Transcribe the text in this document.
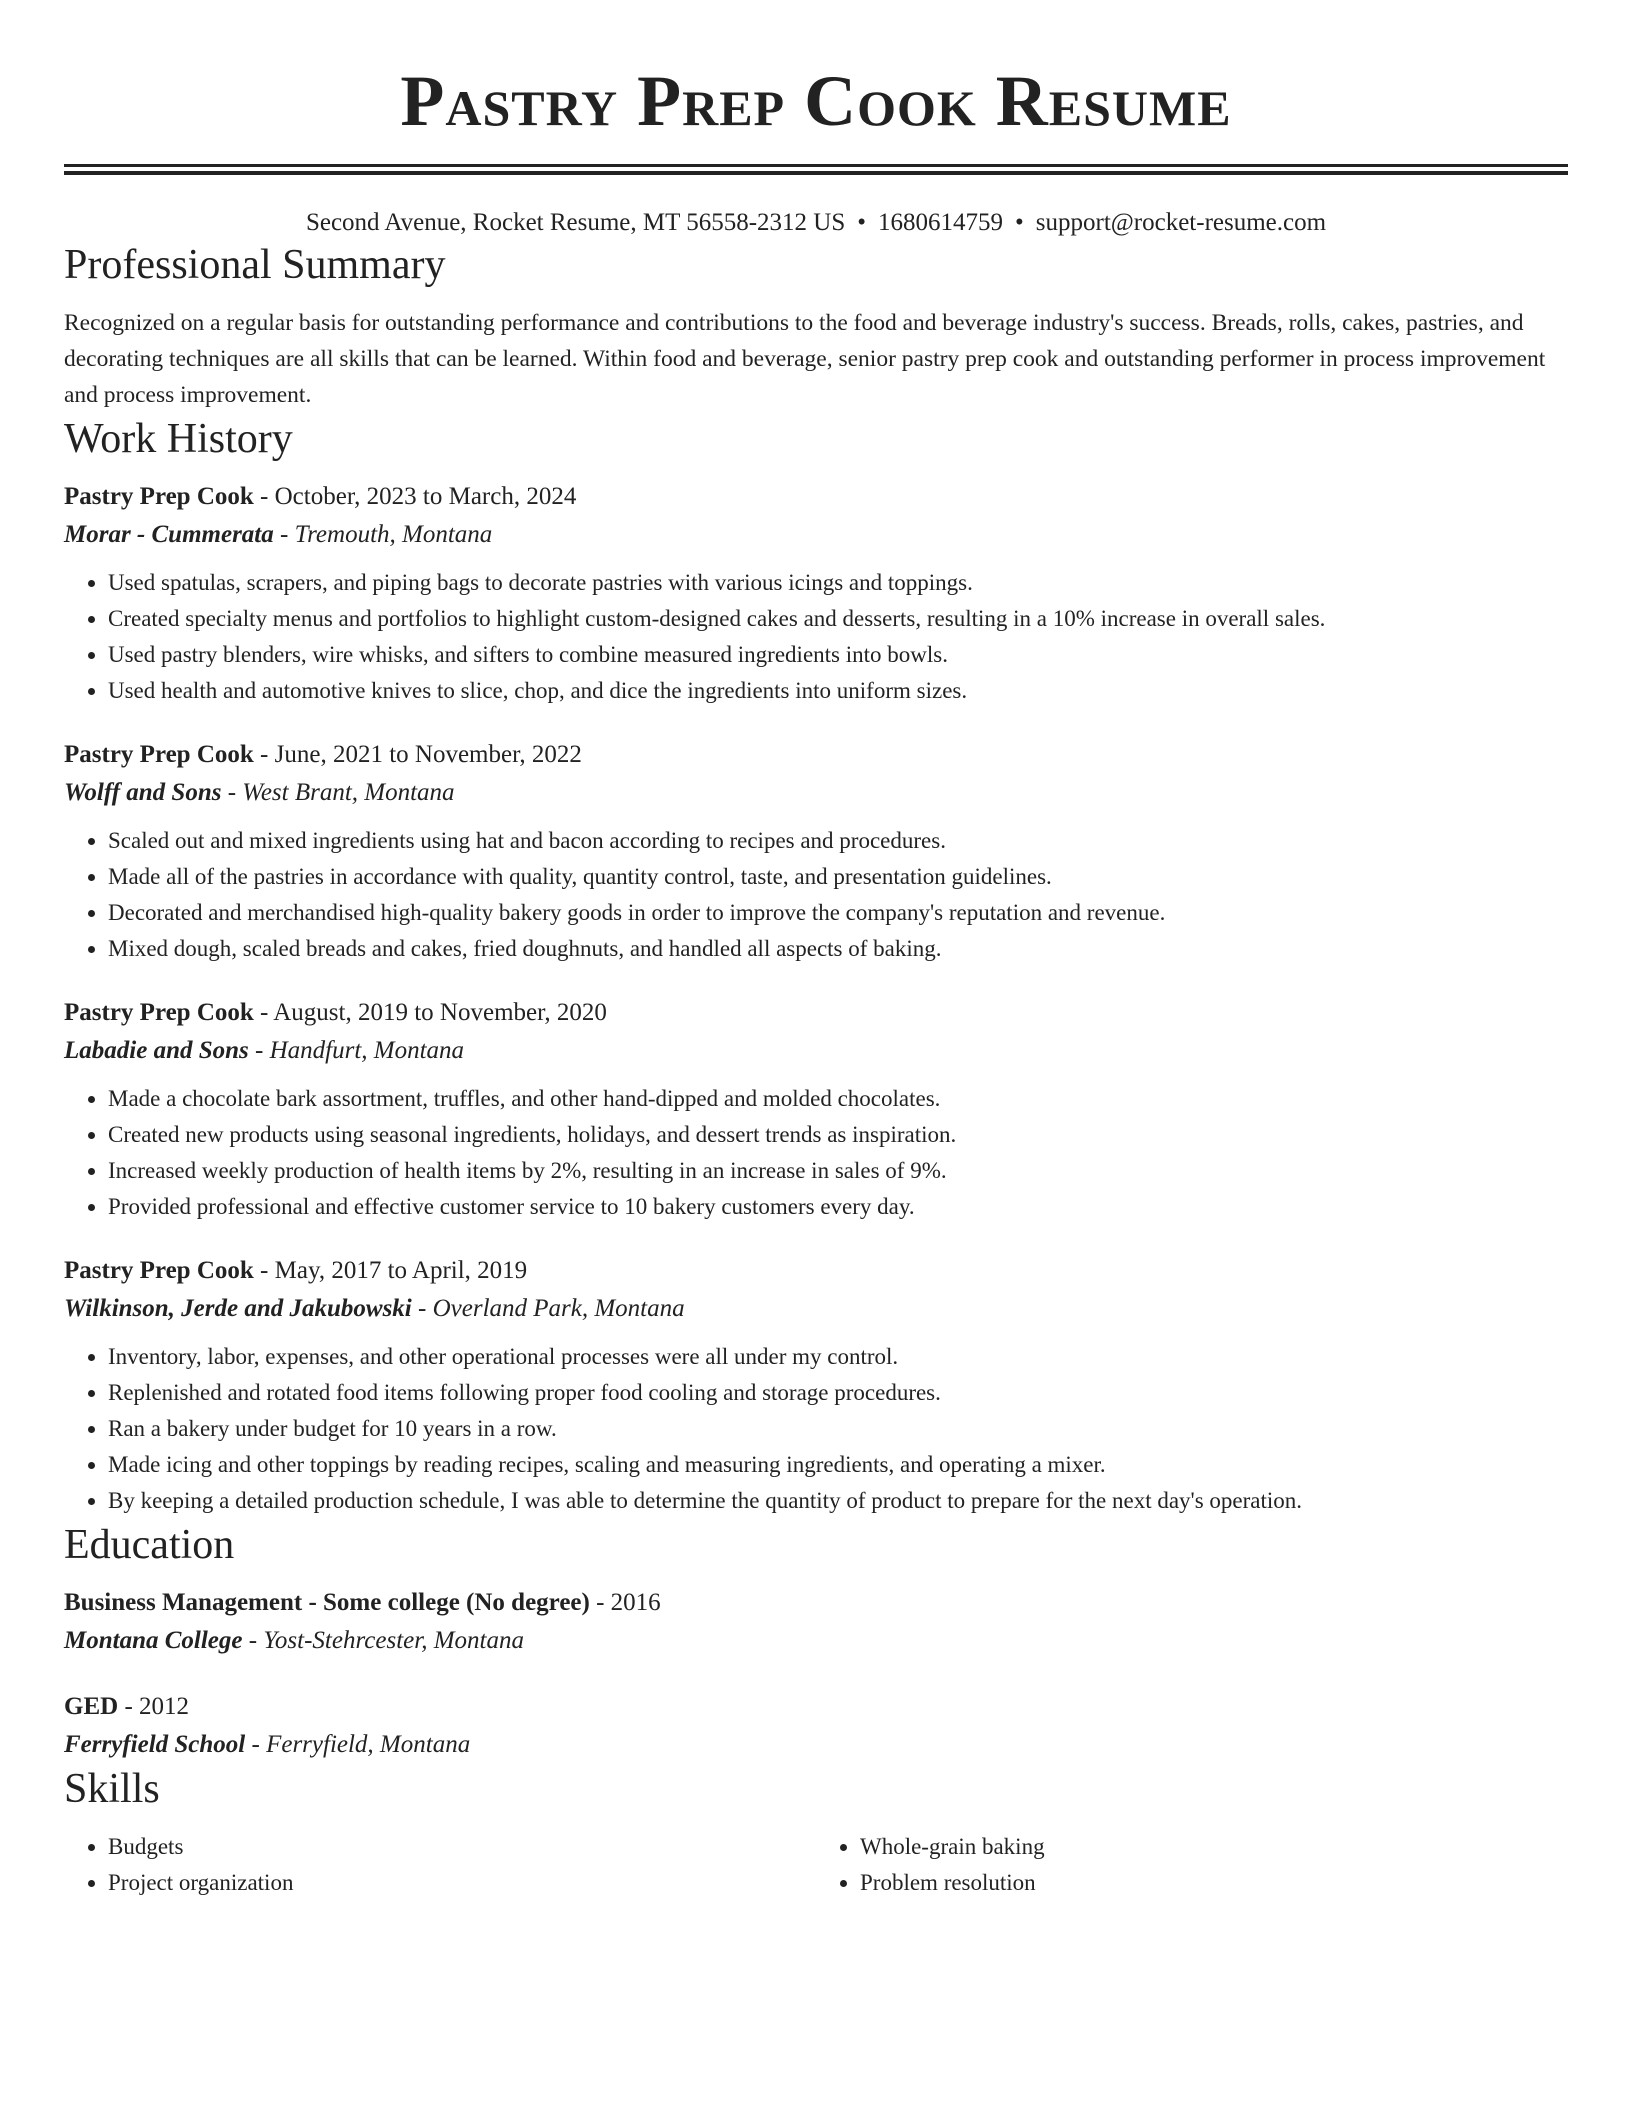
Pastry Prep Cook Resume
Second Avenue, Rocket Resume, MT 56558-2312 US • 1680614759 • support@rocket-resume.com
Professional Summary

Recognized on a regular basis for outstanding performance and contributions to the food and beverage industry's success. Breads, rolls, cakes, pastries, and decorating techniques are all skills that can be learned. Within food and beverage, senior pastry prep cook and outstanding performer in process improvement and process improvement.

Work History

Pastry Prep Cook - October, 2023 to March, 2024

Morar - Cummerata - Tremouth, Montana

• Used spatulas, scrapers, and piping bags to decorate pastries with various icings and toppings.
• Created specialty menus and portfolios to highlight custom-designed cakes and desserts, resulting in a 10% increase in overall sales.
• Used pastry blenders, wire whisks, and sifters to combine measured ingredients into bowls.
• Used health and automotive knives to slice, chop, and dice the ingredients into uniform sizes.

Pastry Prep Cook - June, 2021 to November, 2022

Wolff and Sons - West Brant, Montana

• Scaled out and mixed ingredients using hat and bacon according to recipes and procedures.
• Made all of the pastries in accordance with quality, quantity control, taste, and presentation guidelines.
• Decorated and merchandised high-quality bakery goods in order to improve the company's reputation and revenue.
• Mixed dough, scaled breads and cakes, fried doughnuts, and handled all aspects of baking.

Pastry Prep Cook - August, 2019 to November, 2020

Labadie and Sons - Handfurt, Montana

• Made a chocolate bark assortment, truffles, and other hand-dipped and molded chocolates.
• Created new products using seasonal ingredients, holidays, and dessert trends as inspiration.
• Increased weekly production of health items by 2%, resulting in an increase in sales of 9%.
• Provided professional and effective customer service to 10 bakery customers every day.

Pastry Prep Cook - May, 2017 to April, 2019

Wilkinson, Jerde and Jakubowski - Overland Park, Montana

• Inventory, labor, expenses, and other operational processes were all under my control.
• Replenished and rotated food items following proper food cooling and storage procedures.
• Ran a bakery under budget for 10 years in a row.
• Made icing and other toppings by reading recipes, scaling and measuring ingredients, and operating a mixer.
• By keeping a detailed production schedule, I was able to determine the quantity of product to prepare for the next day's operation.
Education

Business Management - Some college (No degree) - 2016

Montana College - Yost-Stehrcester, Montana

GED - 2012

Ferryfield School - Ferryfield, Montana

Skills
• Budgets
• Project organization
• Whole-grain baking
• Problem resolution
